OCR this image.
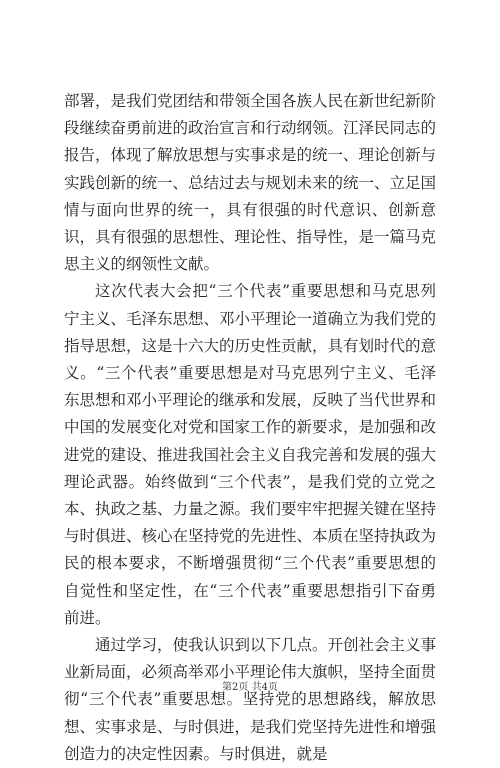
部署，是我们党团结和带领全国各族人民在新世纪新阶段继续奋勇前进的政治宣言和行动纲领。江泽民同志的报告，体现了解放思想与实事求是的统一、理论创新与实践创新的统一、总结过去与规划未来的统一、立足国情与面向世界的统一，具有很强的时代意识、创新意识，具有很强的思想性、理论性、指导性，是一篇马克思主义的纲领性文献。

这次代表大会把“三个代表”重要思想和马克思列宁主义、毛泽东思想、邓小平理论一道确立为我们党的指导思想，这是十六大的历史性贡献，具有划时代的意义。“三个代表”重要思想是对马克思列宁主义、毛泽东思想和邓小平理论的继承和发展，反映了当代世界和中国的发展变化对党和国家工作的新要求，是加强和改进党的建设、推进我国社会主义自我完善和发展的强大理论武器。始终做到“三个代表”，是我们党的立党之本、执政之基、力量之源。我们要牢牢把握关键在坚持与时俱进、核心在坚持党的先进性、本质在坚持执政为民的根本要求，不断增强贯彻“三个代表”重要思想的自觉性和坚定性，在“三个代表”重要思想指引下奋勇前进。

通过学习，使我认识到以下几点。开创社会主义事业新局面，必须高举邓小平理论伟大旗帜，坚持全面贯彻“三个代表”重要思想。坚持党的思想路线，解放思想、实事求是、与时俱进，是我们党坚持先进性和增强创造力的决定性因素。与时俱进，就是

第2页 共4页
